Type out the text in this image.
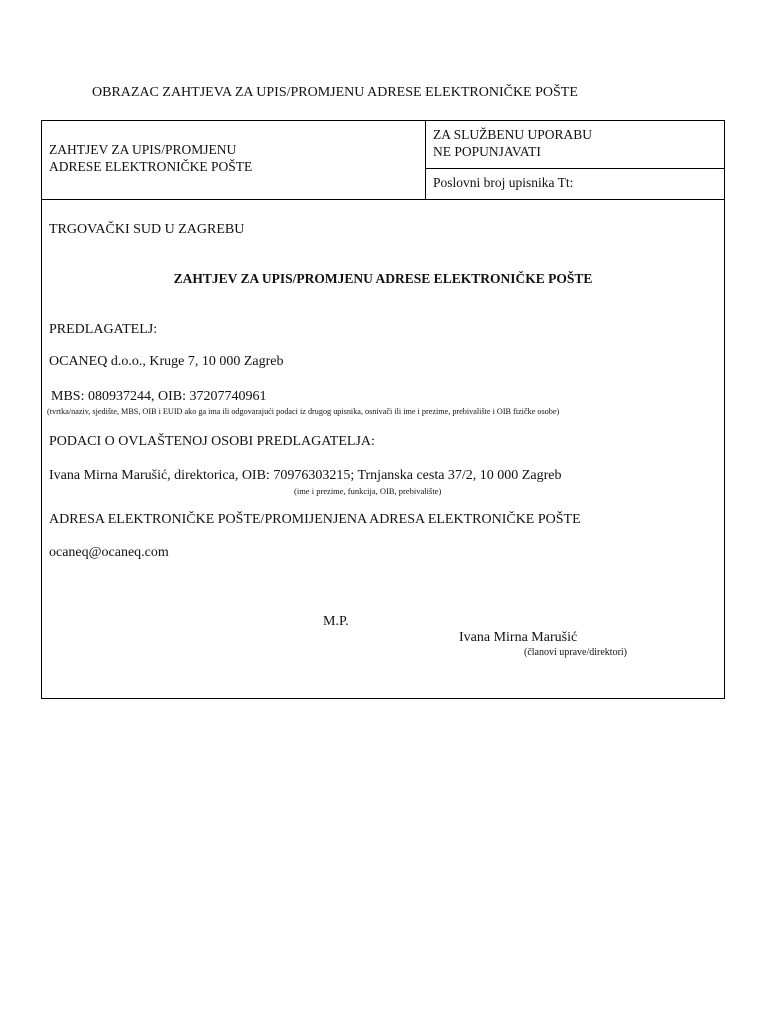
OBRAZAC ZAHTJEVA ZA UPIS/PROMJENU ADRESE ELEKTRONIČKE POŠTE
ZAHTJEV ZA UPIS/PROMJENU
ADRESE ELEKTRONIČKE POŠTE
ZA SLUŽBENU UPORABU
NE POPUNJAVATI
Poslovni broj upisnika Tt:
TRGOVAČKI SUD U ZAGREBU
ZAHTJEV ZA UPIS/PROMJENU ADRESE ELEKTRONIČKE POŠTE
PREDLAGATELJ:
OCANEQ d.o.o., Kruge 7, 10 000 Zagreb
MBS: 080937244, OIB: 37207740961
(tvrtka/naziv, sjedište, MBS, OIB i EUID ako ga ima ili odgovarajući podaci iz drugog upisnika, osnivači ili ime i prezime, prebivalište i OIB fizičke osobe)
PODACI O OVLAŠTENOJ OSOBI PREDLAGATELJA:
Ivana Mirna Marušić, direktorica, OIB: 70976303215; Trnjanska cesta 37/2, 10 000 Zagreb
(ime i prezime, funkcija, OIB, prebivalište)
ADRESA ELEKTRONIČKE POŠTE/PROMIJENJENA ADRESA ELEKTRONIČKE POŠTE
ocaneq@ocaneq.com
M.P.
Ivana Mirna Marušić
(članovi uprave/direktori)
